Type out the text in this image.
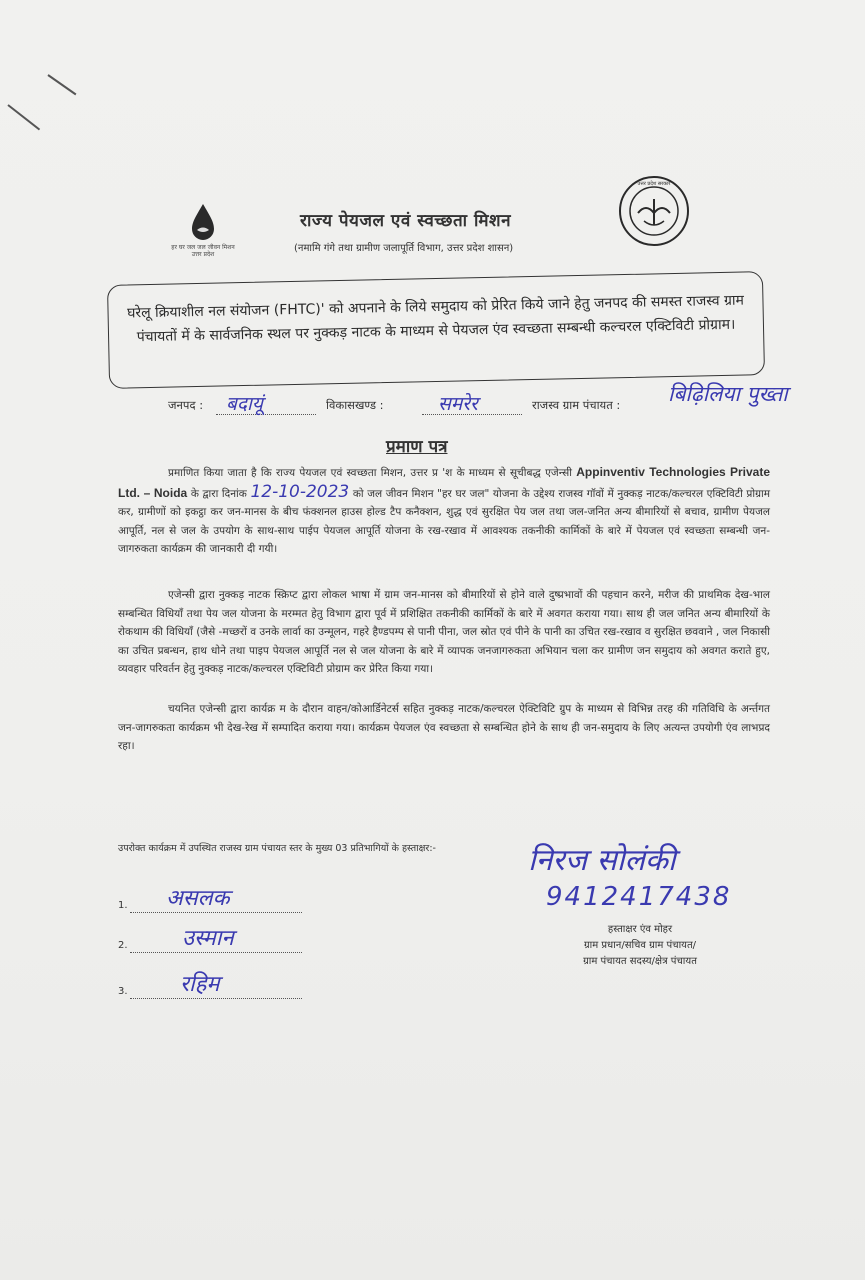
हर घर जल जल जीवन मिशन उत्तर प्रदेश
उत्तर प्रदेश सरकार
राज्य पेयजल एवं स्वच्छता मिशन
(नमामि गंगे तथा ग्रामीण जलापूर्ति विभाग, उत्तर प्रदेश शासन)
घरेलू क्रियाशील नल संयोजन (FHTC)' को अपनाने के लिये समुदाय को प्रेरित किये जाने हेतु जनपद की समस्त राजस्व ग्राम पंचायतों में के सार्वजनिक स्थल पर नुक्कड़ नाटक के माध्यम से पेयजल एंव स्वच्छता सम्बन्धी कल्चरल एक्टिविटी प्रोग्राम।
जनपद : बदायूं	विकासखण्ड :	समरेर	राजस्व ग्राम पंचायत : बिढ़िलिया पुख्ता
प्रमाण पत्र

प्रमाणित किया जाता है कि राज्य पेयजल एवं स्वच्छता मिशन, उत्तर प्र 'श के माध्यम से सूचीबद्ध एजेन्सी Appinventiv Technologies Private Ltd. – Noida के द्वारा दिनांक 12-10-2023 को जल जीवन मिशन "हर घर जल" योजना के उद्देश्य राजस्व गॉवों में नुक्कड़ नाटक/कल्चरल एक्टिविटी प्रोग्राम कर, ग्रामीणों को इकट्ठा कर जन-मानस के बीच फंक्शनल हाउस होल्ड टैप कनैक्शन, शुद्ध एवं सुरक्षित पेय जल तथा जल-जनित अन्य बीमारियों से बचाव, ग्रामीण पेयजल आपूर्ति, नल से जल के उपयोग के साथ-साथ पाईप पेयजल आपूर्ति योजना के रख-रखाव में आवश्यक तकनीकी कार्मिकों के बारे में पेयजल एवं स्वच्छता सम्बन्धी जन-जागरुकता कार्यक्रम की जानकारी दी गयी।

एजेन्सी द्वारा नुक्कड़ नाटक स्क्रिप्ट द्वारा लोकल भाषा में ग्राम जन-मानस को बीमारियों से होने वाले दुष्प्रभावों की पहचान करने, मरीज की प्राथमिक देख-भाल सम्बन्धित विधियाँ तथा पेय जल योजना के मरम्मत हेतु विभाग द्वारा पूर्व में प्रशिक्षित तकनीकी कार्मिकों के बारे में अवगत कराया गया। साथ ही जल जनित अन्य बीमारियों के रोकथाम की विधियाँ (जैसे -मच्छरों व उनके लार्वा का उन्मूलन, गहरे हैण्डपम्प से पानी पीना, जल स्रोत एवं पीने के पानी का उचित रख-रखाव व सुरक्षित छववाने , जल निकासी का उचित प्रबन्धन, हाथ धोने तथा पाइप पेयजल आपूर्ति नल से जल योजना के बारे में व्यापक जनजागरुकता अभियान चला कर ग्रामीण जन समुदाय को अवगत कराते हुए, व्यवहार परिवर्तन हेतु नुक्कड़ नाटक/कल्चरल एक्टिविटी प्रोग्राम कर प्रेरित किया गया।

चयनित एजेन्सी द्वारा कार्यक्र म के दौरान वाहन/कोआर्डिनेटर्स सहित नुक्कड़ नाटक/कल्चरल ऐक्टिविटि ग्रुप के माध्यम से विभिन्न तरह की गतिविधि के अर्न्तगत जन-जागरुकता कार्यक्रम भी देख-रेख में सम्पादित कराया गया। कार्यक्रम पेयजल एंव स्वच्छता से सम्बन्धित होने के साथ ही जन-समुदाय के लिए अत्यन्त उपयोगी एंव लाभप्रद रहा।

उपरोक्त कार्यक्रम में उपस्थित राजस्व ग्राम पंचायत स्तर के मुख्य 03 प्रतिभागियों के हस्ताक्षर:-
1. असलक
2. उस्मान
3. रहिम
निरज सोलंकी
9412417438
हस्ताक्षर एंव मोहर
ग्राम प्रधान/सचिव ग्राम पंचायत/
ग्राम पंचायत सदस्य/क्षेत्र पंचायत
